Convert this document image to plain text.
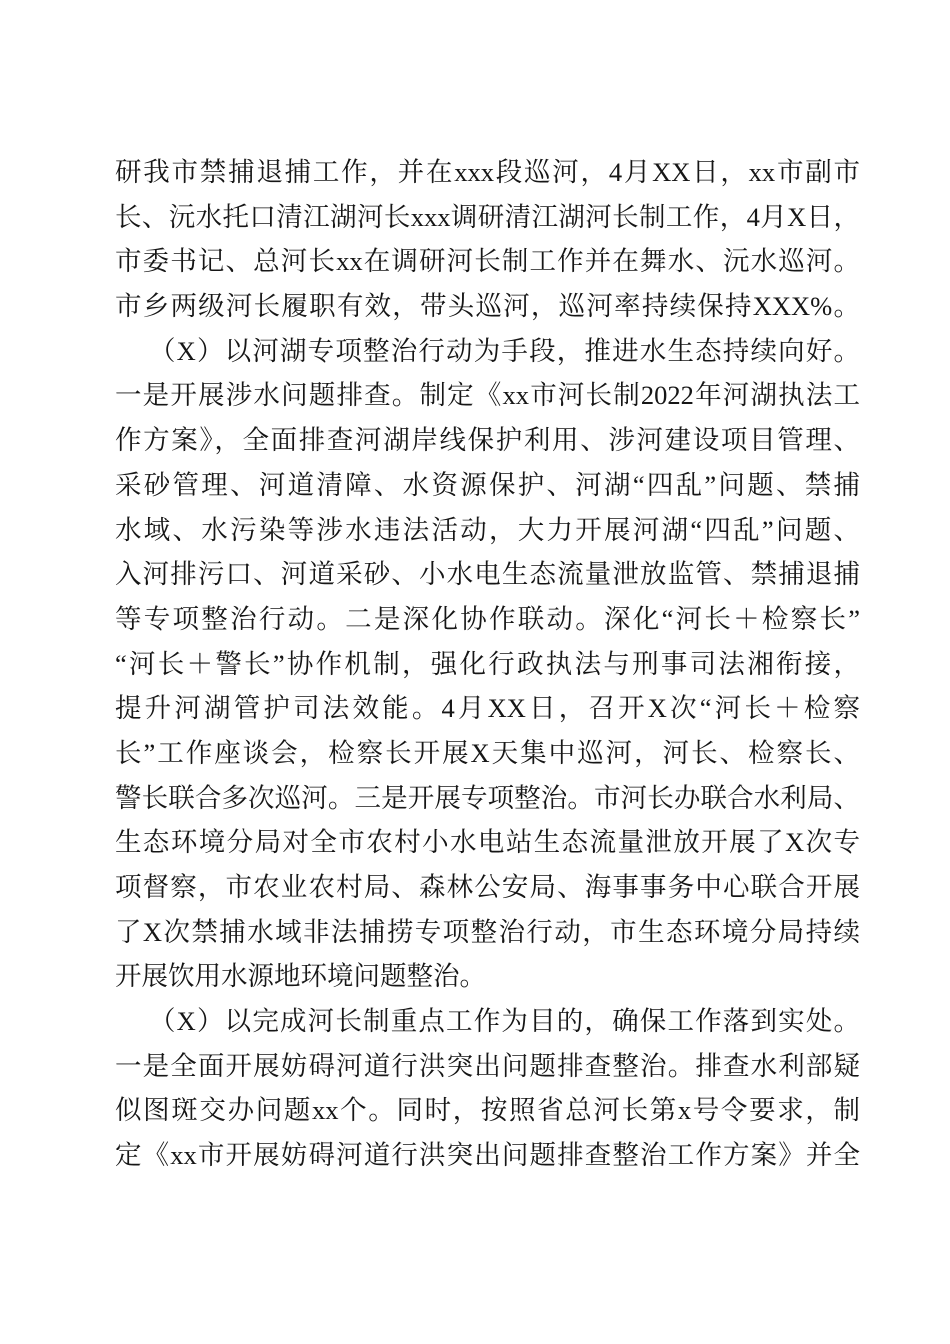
研我市禁捕退捕工作，并在xxx段巡河，4月XX日，xx市副市
长、沅水托口清江湖河长xxx调研清江湖河长制工作，4月X日，
市委书记、总河长xx在调研河长制工作并在舞水、沅水巡河。
市乡两级河长履职有效，带头巡河，巡河率持续保持XXX%。
（X）以河湖专项整治行动为手段，推进水生态持续向好。
一是开展涉水问题排查。制定《xx市河长制2022年河湖执法工
作方案》，全面排查河湖岸线保护利用、涉河建设项目管理、
采砂管理、河道清障、水资源保护、河湖“四乱”问题、禁捕
水域、水污染等涉水违法活动，大力开展河湖“四乱”问题、
入河排污口、河道采砂、小水电生态流量泄放监管、禁捕退捕
等专项整治行动。二是深化协作联动。深化“河长＋检察长”
“河长＋警长”协作机制，强化行政执法与刑事司法湘衔接，
提升河湖管护司法效能。4月XX日，召开X次“河长＋检察
长”工作座谈会，检察长开展X天集中巡河，河长、检察长、
警长联合多次巡河。三是开展专项整治。市河长办联合水利局、
生态环境分局对全市农村小水电站生态流量泄放开展了X次专
项督察，市农业农村局、森林公安局、海事事务中心联合开展
了X次禁捕水域非法捕捞专项整治行动，市生态环境分局持续
开展饮用水源地环境问题整治。
（X）以完成河长制重点工作为目的，确保工作落到实处。
一是全面开展妨碍河道行洪突出问题排查整治。排查水利部疑
似图斑交办问题xx个。同时，按照省总河长第x号令要求，制
定《xx市开展妨碍河道行洪突出问题排查整治工作方案》并全
